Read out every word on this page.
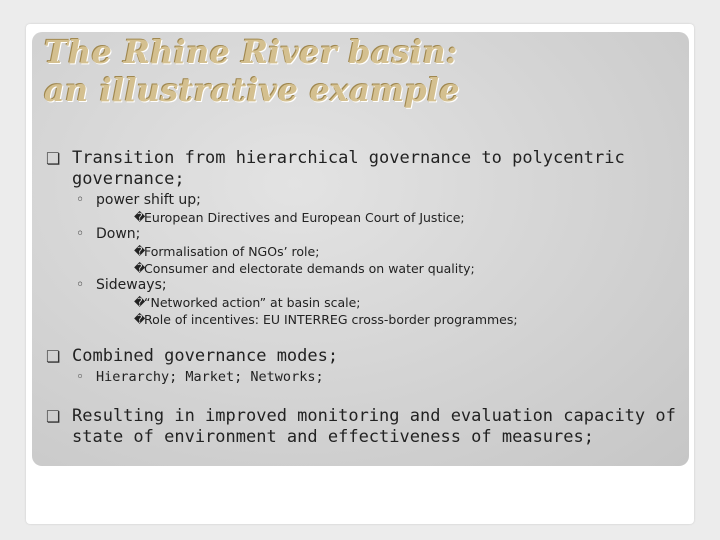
The Rhine River basin:
an illustrative example
❏ Transition from hierarchical governance to polycentric governance;
◦ power shift up;
�
European Directives and European Court of Justice;
◦ Down;
�
Formalisation of NGOs’ role;
�
Consumer and electorate demands on water quality;
◦ Sideways;
�
“Networked action” at basin scale;
�
Role of incentives: EU INTERREG cross-border programmes;
❏ Combined governance modes;
◦ Hierarchy; Market; Networks;
❏ Resulting in improved monitoring and evaluation capacity of state of environment and effectiveness of measures;
